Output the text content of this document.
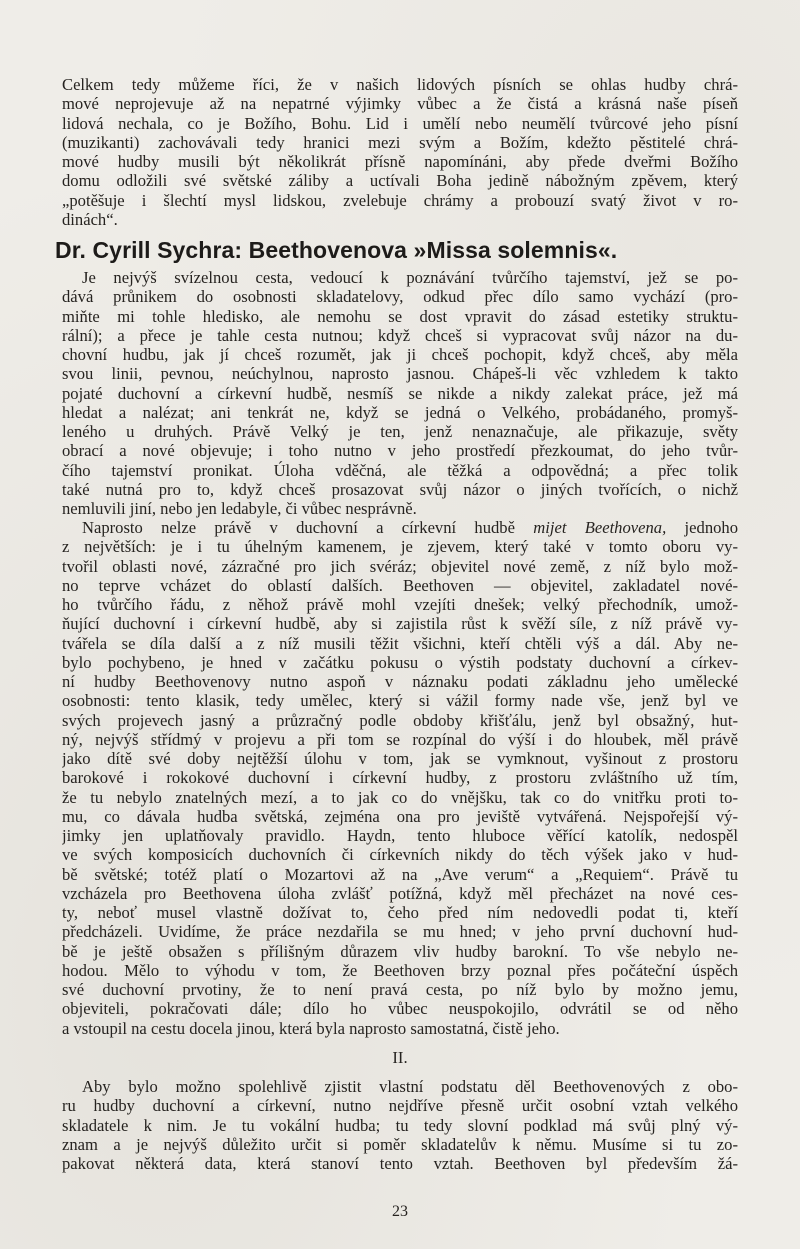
Celkem tedy můžeme říci, že v našich lidových písních se ohlas hudby chrá-
mové neprojevuje až na nepatrné výjimky vůbec a že čistá a krásná naše píseň
lidová nechala, co je Božího, Bohu. Lid i umělí nebo neumělí tvůrcové jeho písní
(muzikanti) zachovávali tedy hranici mezi svým a Božím, kdežto pěstitelé chrá-
mové hudby musili být několikrát přísně napomínáni, aby přede dveřmi Božího
domu odložili své světské záliby a uctívali Boha jedině nábožným zpěvem, který
„potěšuje i šlechtí mysl lidskou, zvelebuje chrámy a probouzí svatý život v ro-
dinách“.
Dr. Cyrill Sychra: Beethovenova »Missa solemnis«.
Je nejvýš svízelnou cesta, vedoucí k poznávání tvůrčího tajemství, jež se po-
dává průnikem do osobnosti skladatelovy, odkud přec dílo samo vychází (pro-
miňte mi tohle hledisko, ale nemohu se dost vpravit do zásad estetiky struktu-
rální); a přece je tahle cesta nutnou; když chceš si vypracovat svůj názor na du-
chovní hudbu, jak jí chceš rozumět, jak ji chceš pochopit, když chceš, aby měla
svou linii, pevnou, neúchylnou, naprosto jasnou. Chápeš-li věc vzhledem k takto
pojaté duchovní a církevní hudbě, nesmíš se nikde a nikdy zalekat práce, jež má
hledat a nalézat; ani tenkrát ne, když se jedná o Velkého, probádaného, promyš-
leného u druhých. Právě Velký je ten, jenž nenaznačuje, ale přikazuje, světy
obrací a nové objevuje; i toho nutno v jeho prostředí přezkoumat, do jeho tvůr-
čího tajemství pronikat. Úloha vděčná, ale těžká a odpovědná; a přec tolik
také nutná pro to, když chceš prosazovat svůj názor o jiných tvořících, o nichž
nemluvili jiní, nebo jen ledabyle, či vůbec nesprávně.
Naprosto nelze právě v duchovní a církevní hudbě mijet Beethovena, jednoho
z největších: je i tu úhelným kamenem, je zjevem, který také v tomto oboru vy-
tvořil oblasti nové, zázračné pro jich svéráz; objevitel nové země, z níž bylo mož-
no teprve vcházet do oblastí dalších. Beethoven — objevitel, zakladatel nové-
ho tvůrčího řádu, z něhož právě mohl vzejíti dnešek; velký přechodník, umož-
ňující duchovní i církevní hudbě, aby si zajistila růst k svěží síle, z níž právě vy-
tvářela se díla další a z níž musili těžit všichni, kteří chtěli výš a dál. Aby ne-
bylo pochybeno, je hned v začátku pokusu o výstih podstaty duchovní a církev-
ní hudby Beethovenovy nutno aspoň v náznaku podati základnu jeho umělecké
osobnosti: tento klasik, tedy umělec, který si vážil formy nade vše, jenž byl ve
svých projevech jasný a průzračný podle obdoby křišťálu, jenž byl obsažný, hut-
ný, nejvýš střídmý v projevu a při tom se rozpínal do výší i do hloubek, měl právě
jako dítě své doby nejtěžší úlohu v tom, jak se vymknout, vyšinout z prostoru
barokové i rokokové duchovní i církevní hudby, z prostoru zvláštního už tím,
že tu nebylo znatelných mezí, a to jak co do vnějšku, tak co do vnitřku proti to-
mu, co dávala hudba světská, zejména ona pro jeviště vytvářená. Nejspořejší vý-
jimky jen uplatňovaly pravidlo. Haydn, tento hluboce věřící katolík, nedospěl
ve svých komposicích duchovních či církevních nikdy do těch výšek jako v hud-
bě světské; totéž platí o Mozartovi až na „Ave verum“ a „Requiem“. Právě tu
vzcházela pro Beethovena úloha zvlášť potížná, když měl přecházet na nové ces-
ty, neboť musel vlastně dožívat to, čeho před ním nedovedli podat ti, kteří
předcházeli. Uvidíme, že práce nezdařila se mu hned; v jeho první duchovní hud-
bě je ještě obsažen s přílišným důrazem vliv hudby barokní. To vše nebylo ne-
hodou. Mělo to výhodu v tom, že Beethoven brzy poznal přes počáteční úspěch
své duchovní prvotiny, že to není pravá cesta, po níž bylo by možno jemu,
objeviteli, pokračovati dále; dílo ho vůbec neuspokojilo, odvrátil se od něho
a vstoupil na cestu docela jinou, která byla naprosto samostatná, čistě jeho.
II.
Aby bylo možno spolehlivě zjistit vlastní podstatu děl Beethovenových z obo-
ru hudby duchovní a církevní, nutno nejdříve přesně určit osobní vztah velkého
skladatele k nim. Je tu vokální hudba; tu tedy slovní podklad má svůj plný vý-
znam a je nejvýš důležito určit si poměr skladatelův k němu. Musíme si tu zo-
pakovat některá data, která stanoví tento vztah. Beethoven byl především žá-
23
